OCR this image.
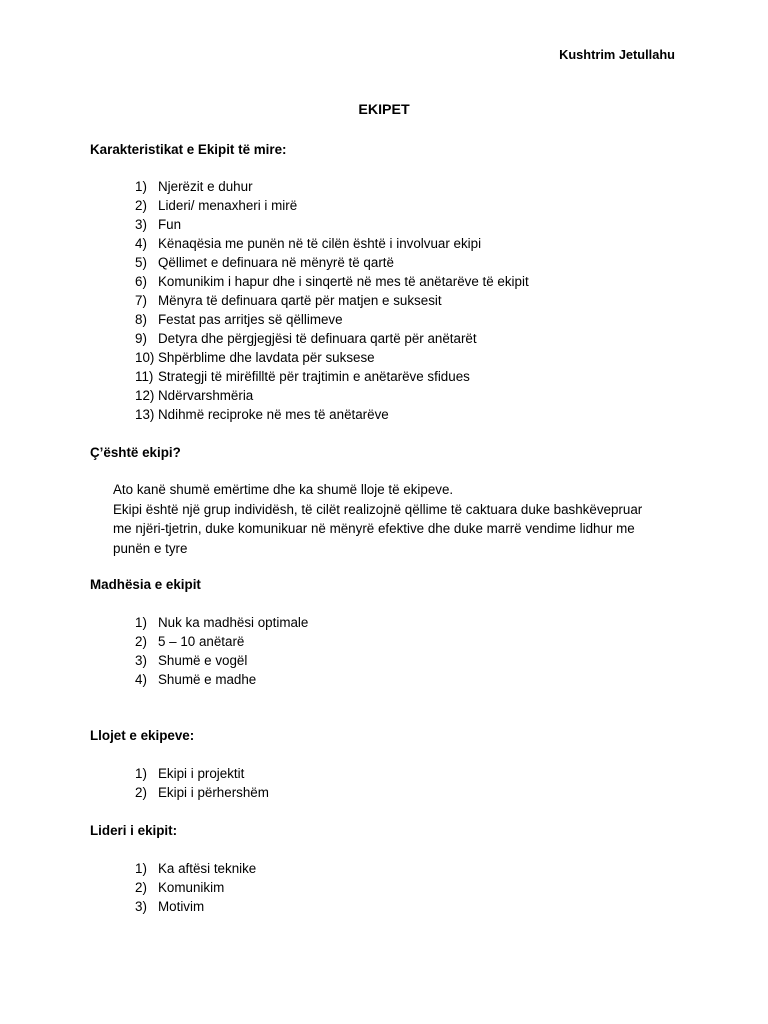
Kushtrim Jetullahu
EKIPET
Karakteristikat e Ekipit të mire:
1) Njerëzit e duhur
2) Lideri/ menaxheri i mirë
3) Fun
4) Kënaqësia me punën në të cilën është i involvuar ekipi
5) Qëllimet e definuara në mënyrë të qartë
6) Komunikim i hapur dhe i sinqertë në mes të anëtarëve të ekipit
7) Mënyra të definuara qartë për matjen e suksesit
8) Festat pas arritjes së qëllimeve
9) Detyra dhe përgjegjësi të definuara qartë për anëtarët
10) Shpërblime dhe lavdata për suksese
11) Strategji të mirëfilltë për trajtimin e anëtarëve sfidues
12) Ndërvarshmëria
13) Ndihmë reciproke në mes të anëtarëve
Ç’është ekipi?
Ato kanë shumë emërtime dhe ka shumë lloje të ekipeve.
Ekipi është një grup individësh, të cilët realizojnë qëllime të caktuara duke bashkëvepruar
me njëri-tjetrin, duke komunikuar në mënyrë efektive dhe duke marrë vendime lidhur me
punën e tyre
Madhësia e ekipit
1) Nuk ka madhësi optimale
2) 5 – 10 anëtarë
3) Shumë e vogël
4) Shumë e madhe
Llojet e ekipeve:
1) Ekipi i projektit
2) Ekipi i përhershëm
Lideri i ekipit:
1) Ka aftësi teknike
2) Komunikim
3) Motivim
